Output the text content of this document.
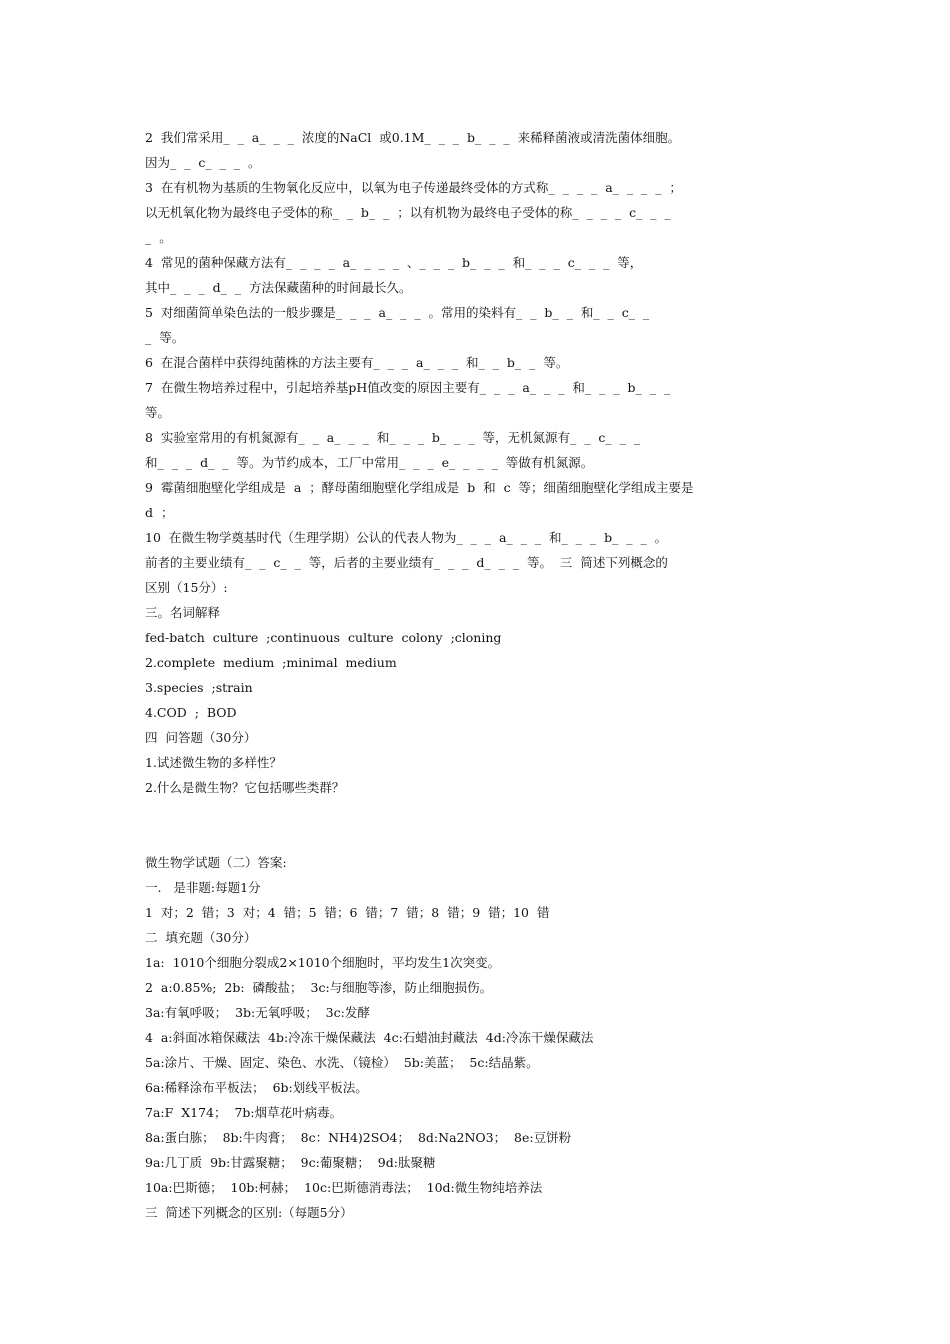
2  我们常采用_  _  a_  _  _  浓度的NaCl  或0.1M_  _  _  b_  _  _  来稀释菌液或清洗菌体细胞。
因为_  _  c_  _  _  。
3  在有机物为基质的生物氧化反应中，以氧为电子传递最终受体的方式称_  _  _  _  a_  _  _  _  ；
以无机氧化物为最终电子受体的称_  _  b_  _  ；以有机物为最终电子受体的称_  _  _  _  c_  _  _
_  。
4  常见的菌种保藏方法有_  _  _  _  a_  _  _  _  、_  _  _  b_  _  _  和_  _  _  c_  _  _  等，
其中_  _  _  d_  _  方法保藏菌种的时间最长久。
5  对细菌简单染色法的一般步骤是_  _  _  a_  _  _  。常用的染料有_  _  b_  _  和_  _  c_  _
_  等。
6  在混合菌样中获得纯菌株的方法主要有_  _  _  a_  _  _  和_  _  b_  _  等。
7  在微生物培养过程中，引起培养基pH值改变的原因主要有_  _  _  a_  _  _  和_  _  _  b_  _  _
等。
8  实验室常用的有机氮源有_  _  a_  _  _  和_  _  _  b_  _  _  等，无机氮源有_  _  c_  _  _
和_  _  _  d_  _  等。为节约成本，工厂中常用_  _  _  e_  _  _  _  等做有机氮源。
9  霉菌细胞壁化学组成是  a  ；酵母菌细胞壁化学组成是  b  和  c  等；细菌细胞壁化学组成主要是
d  ；
10  在微生物学奠基时代（生理学期）公认的代表人物为_  _  _  a_  _  _  和_  _  _  b_  _  _  。
前者的主要业绩有_  _  c_  _  等，后者的主要业绩有_  _  _  d_  _  _  等。  三  简述下列概念的
区别（15分）:
三。名词解释
fed-batch  culture  ;continuous  culture  colony  ;cloning
2.complete  medium  ;minimal  medium
3.species  ;strain
4.COD  ;  BOD
四  问答题（30分）
1.试述微生物的多样性？
2.什么是微生物？它包括哪些类群？
微生物学试题（二）答案:
一.   是非题:每题1分
1  对；2  错；3  对；4  错；5  错；6  错；7  错；8  错；9  错；10  错
二  填充题（30分）
1a:  1010个细胞分裂成2×1010个细胞时，平均发生1次突变。
2  a:0.85%;  2b:  磷酸盐；  3c:与细胞等渗，防止细胞损伤。
3a:有氧呼吸；  3b:无氧呼吸；  3c:发酵
4  a:斜面冰箱保藏法  4b:冷冻干燥保藏法  4c:石蜡油封藏法  4d:冷冻干燥保藏法
5a:涂片、干燥、固定、染色、水洗、（镜检）  5b:美蓝；  5c:结晶紫。
6a:稀释涂布平板法；  6b:划线平板法。
7a:F  X174；  7b:烟草花叶病毒。
8a:蛋白胨；  8b:牛肉膏；  8c：NH4)2SO4；  8d:Na2NO3；  8e:豆饼粉
9a:几丁质  9b:甘露聚糖；  9c:葡聚糖；  9d:肽聚糖
10a:巴斯德；  10b:柯赫；  10c:巴斯德消毒法；  10d:微生物纯培养法
三  简述下列概念的区别:（每题5分）
